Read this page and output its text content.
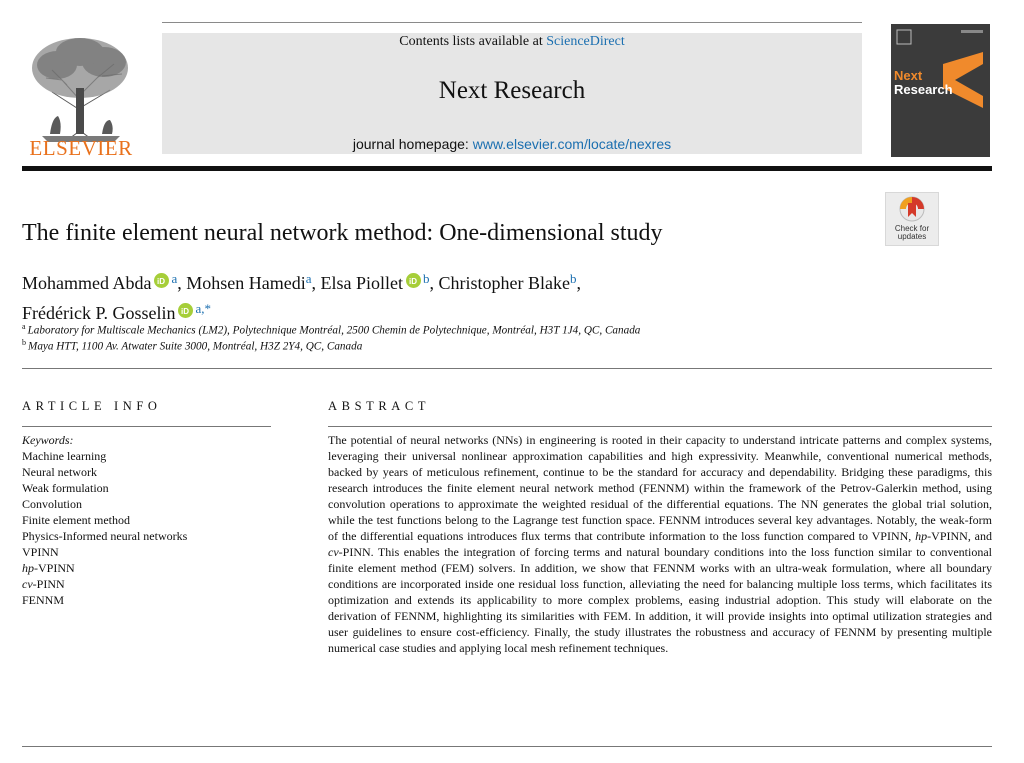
ELSEVIER
Contents lists available at ScienceDirect
Next Research
journal homepage: www.elsevier.com/locate/nexres
Next
Research
Check for
updates
The finite element neural network method: One-dimensional study
Mohammed Abda iD $^a$, Mohsen Hamedi$^a$, Elsa Piollet iD $^b$, Christopher Blake$^b$,
Frédérick P. Gosselin iD $^{a,*}$
$^a$ Laboratory for Multiscale Mechanics (LM2), Polytechnique Montréal, 2500 Chemin de Polytechnique, Montréal, H3T 1J4, QC, Canada
$^b$ Maya HTT, 1100 Av. Atwater Suite 3000, Montréal, H3Z 2Y4, QC, Canada
ARTICLE INFO	ABSTRACT
Keywords:
Machine learning
Neural network
Weak formulation
Convolution
Finite element method
Physics-Informed neural networks
VPINN
hp-VPINN
cv-PINN
FENNM
The potential of neural networks (NNs) in engineering is rooted in their capacity to understand intricate patterns and complex systems, leveraging their universal nonlinear approximation capabilities and high expressivity. Meanwhile, conventional numerical methods, backed by years of meticulous refinement, continue to be the standard for accuracy and dependability. Bridging these paradigms, this research introduces the finite element neural network method (FENNM) within the framework of the Petrov-Galerkin method, using convolution operations to approximate the weighted residual of the differential equations. The NN generates the global trial solution, while the test functions belong to the Lagrange test function space. FENNM introduces several key advantages. Notably, the weak-form of the differential equations introduces flux terms that contribute information to the loss function compared to VPINN, hp-VPINN, and cv-PINN. This enables the integration of forcing terms and natural boundary conditions into the loss function similar to conventional finite element method (FEM) solvers. In addition, we show that FENNM works with an ultra-weak formulation, where all boundary conditions are incorporated inside one residual loss function, alleviating the need for balancing multiple loss terms, which facilitates its optimization and extends its applicability to more complex problems, easing industrial adoption. This study will elaborate on the derivation of FENNM, highlighting its similarities with FEM. In addition, it will provide insights into optimal utilization strategies and user guidelines to ensure cost-efficiency. Finally, the study illustrates the robustness and accuracy of FENNM by presenting multiple numerical case studies and applying local mesh refinement techniques.
